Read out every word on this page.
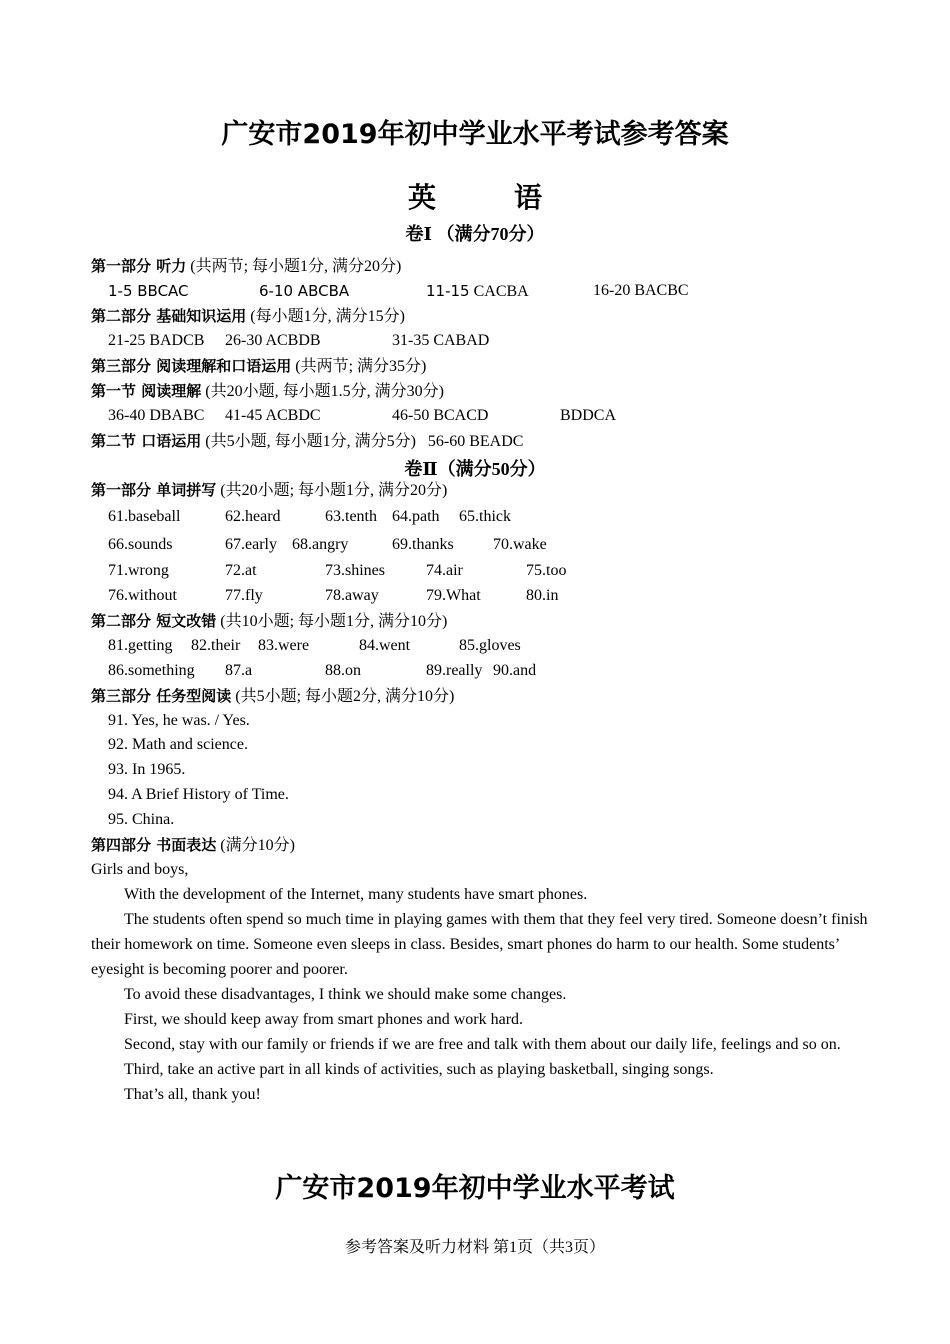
广安市2019年初中学业水平考试参考答案
英	语
卷Ⅰ （满分70分）
第一部分 听力 (共两节; 每小题1分, 满分20分)
1-5 BBCAC	6-10 ABCBA	11-15 CACBA	16-20 BACBC
第二部分 基础知识运用 (每小题1分, 满分15分)
21-25 BADCB 26-30 ACBDB	31-35 CABAD
第三部分 阅读理解和口语运用 (共两节; 满分35分)
第一节 阅读理解 (共20小题, 每小题1.5分, 满分30分)
36-40 DBABC 41-45 ACBDC	46-50 BCACD	BDDCA
第二节 口语运用 (共5小题, 每小题1分, 满分5分) 56-60 BEADC
卷Ⅱ（满分50分）
第一部分 单词拼写 (共20小题; 每小题1分, 满分20分)
61.baseball	62.heard	63.tenth 64.path 65.thick
66.sounds	67.early 68.angry	69.thanks 70.wake
71.wrong	72.at	73.shines	74.air	75.too
76.without	77.fly	78.away	79.What	80.in
第二部分 短文改错 (共10小题; 每小题1分, 满分10分)
81.getting 82.their 83.were	84.went	85.gloves
86.something 87.a	88.on	89.really 90.and
第三部分 任务型阅读 (共5小题; 每小题2分, 满分10分)
91. Yes, he was. / Yes.
92. Math and science.
93. In 1965.
94. A Brief History of Time.
95. China.
第四部分 书面表达 (满分10分)
Girls and boys,
With the development of the Internet, many students have smart phones.
The students often spend so much time in playing games with them that they feel very tired. Someone doesn’t finish their homework on time. Someone even sleeps in class. Besides, smart phones do harm to our health. Some students’ eyesight is becoming poorer and poorer.
To avoid these disadvantages, I think we should make some changes.
First, we should keep away from smart phones and work hard.
Second, stay with our family or friends if we are free and talk with them about our daily life, feelings and so on.
Third, take an active part in all kinds of activities, such as playing basketball, singing songs.
That’s all, thank you!
广安市2019年初中学业水平考试
参考答案及听力材料 第1页（共3页）
